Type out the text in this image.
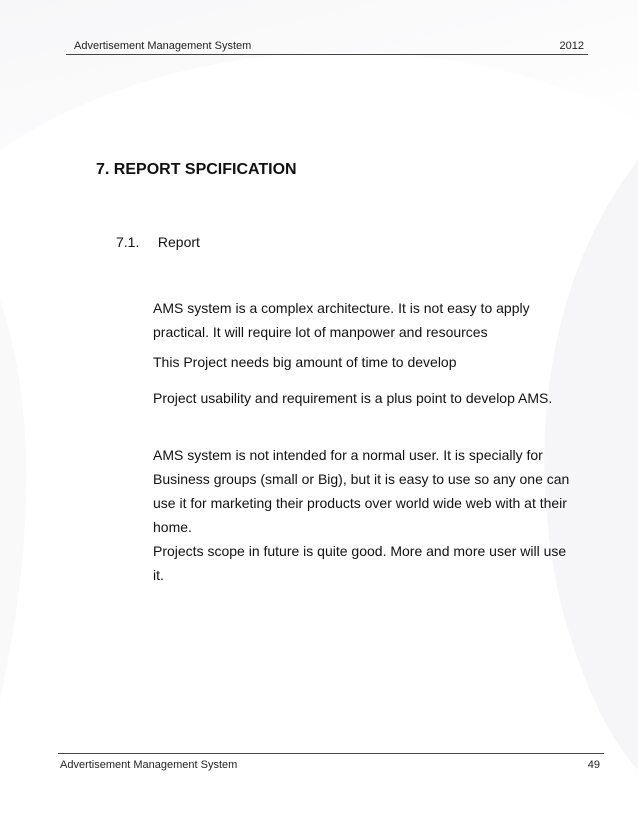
Advertisement Management System	2012
7. REPORT SPCIFICATION
7.1. Report
AMS system is a complex architecture. It is not easy to apply practical. It will require lot of manpower and resources
This Project needs big amount of time to develop
Project usability and requirement is a plus point to develop AMS.
AMS system is not intended for a normal user. It is specially for Business groups (small or Big), but it is easy to use so any one can use it for marketing their products over world wide web with at their home.
Projects scope in future is quite good. More and more user will use it.
Advertisement Management System	49
